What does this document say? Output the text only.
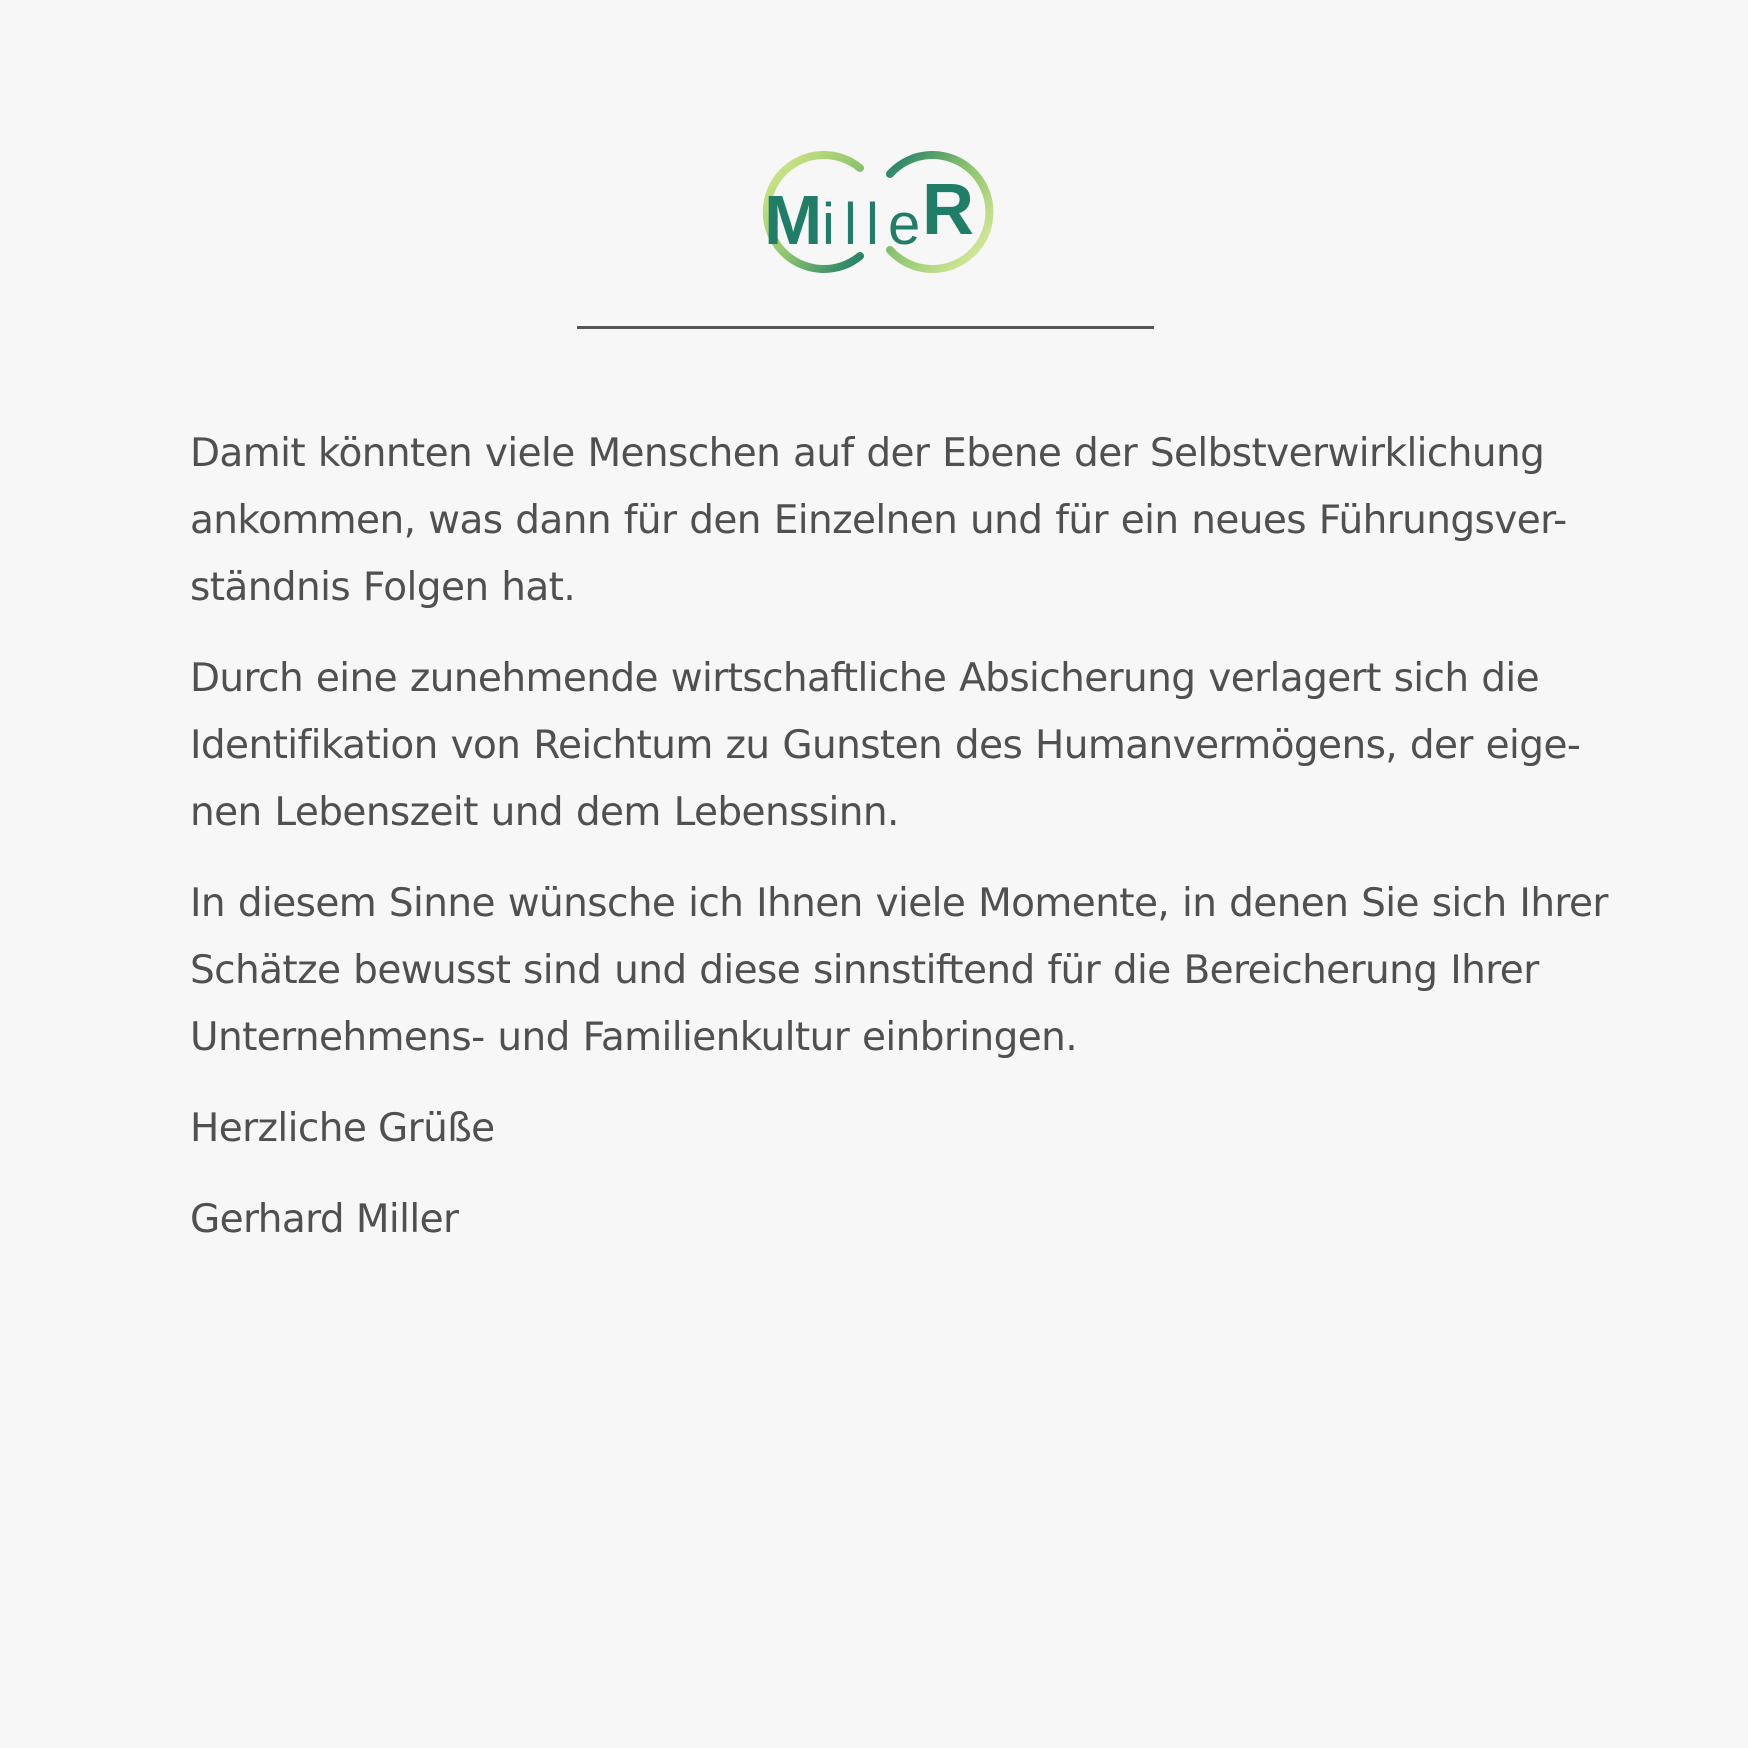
M i l l e R

Damit könnten viele Menschen auf der Ebene der Selbstverwirklichung
ankommen, was dann für den Einzelnen und für ein neues Führungsver-
ständnis Folgen hat.

Durch eine zunehmende wirtschaftliche Absicherung verlagert sich die
Identifikation von Reichtum zu Gunsten des Humanvermögens, der eige-
nen Lebenszeit und dem Lebenssinn.

In diesem Sinne wünsche ich Ihnen viele Momente, in denen Sie sich Ihrer
Schätze bewusst sind und diese sinnstiftend für die Bereicherung Ihrer
Unternehmens- und Familienkultur einbringen.

Herzliche Grüße

Gerhard Miller
